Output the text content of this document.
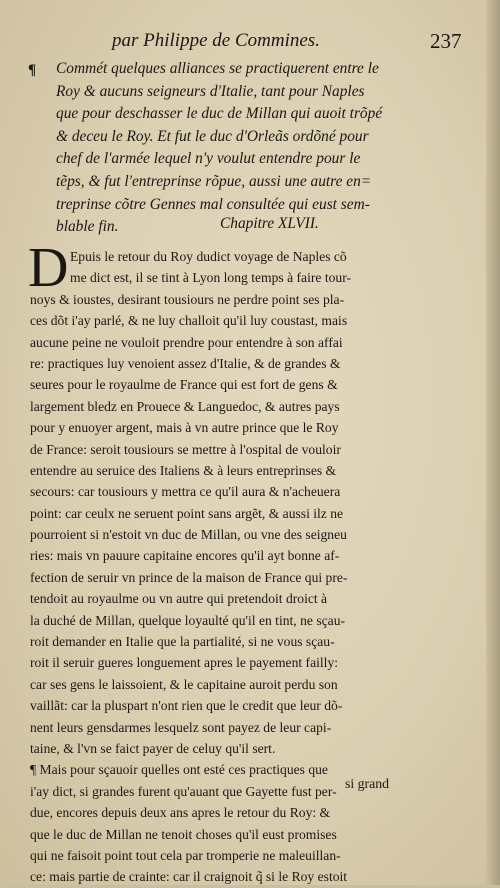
par Philippe de Commines.	237
¶ Commét quelques alliances se practiquerent entre le
Roy & aucuns seigneurs d'Italie, tant pour Naples
que pour deschasser le duc de Millan qui auoit trõpé
& deceu le Roy. Et fut le duc d'Orleãs ordõné pour
chef de l'armée lequel n'y voulut entendre pour le
tẽps, & fut l'entreprinse rõpue, aussi une autre en=
treprinse cõtre Gennes mal consultée qui eust sem-
blable fin.	Chapitre XLVII.
D Epuis le retour du Roy dudict voyage de Naples cõ
me dict est, il se tint à Lyon long temps à faire tour-
noys & ioustes, desirant tousiours ne perdre point ses pla-
ces dõt i'ay parlé, & ne luy challoit qu'il luy coustast, mais
aucune peine ne vouloit prendre pour entendre à son affai
re: practiques luy venoient assez d'Italie, & de grandes &
seures pour le royaulme de France qui est fort de gens &
largement bledz en Prouece & Languedoc, & autres pays
pour y enuoyer argent, mais à vn autre prince que le Roy
de France: seroit tousiours se mettre à l'ospital de vouloir
entendre au seruice des Italiens & à leurs entreprinses &
secours: car tousiours y mettra ce qu'il aura & n'acheuera
point: car ceulx ne seruent point sans argẽt, & aussi ilz ne
pourroient si n'estoit vn duc de Millan, ou vne des seigneu
ries: mais vn pauure capitaine encores qu'il ayt bonne af-
fection de seruir vn prince de la maison de France qui pre-
tendoit au royaulme ou vn autre qui pretendoit droict à
la duché de Millan, quelque loyaulté qu'il en tint, ne sçau-
roit demander en Italie que la partialité, si ne vous sçau-
roit il seruir gueres longuement apres le payement failly:
car ses gens le laissoient, & le capitaine auroit perdu son
vaillãt: car la pluspart n'ont rien que le credit que leur dõ-
nent leurs gensdarmes lesquelz sont payez de leur capi-
taine, & l'vn se faict payer de celuy qu'il sert.
¶ Mais pour sçauoir quelles ont esté ces practiques que
i'ay dict, si grandes furent qu'auant que Gayette fust per-
due, encores depuis deux ans apres le retour du Roy: &
que le duc de Millan ne tenoit choses qu'il eust promises
qui ne faisoit point tout cela par tromperie ne maleuillan-
ce: mais partie de crainte: car il craignoit q̃ si le Roy estoit
si grand
